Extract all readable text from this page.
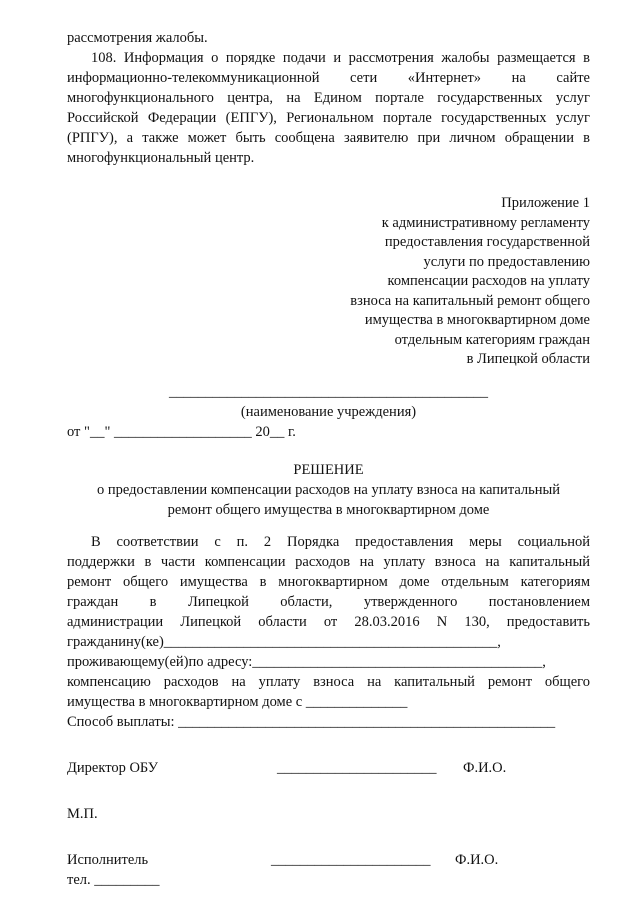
рассмотрения жалобы.
108. Информация о порядке подачи и рассмотрения жалобы размещается в
информационно-телекоммуникационной сети «Интернет» на сайте
многофункционального центра, на Едином портале государственных услуг
Российской Федерации (ЕПГУ), Региональном портале государственных услуг
(РПГУ), а также может быть сообщена заявителю при личном обращении в
многофункциональный центр.
Приложение 1
к административному регламенту
предоставления государственной
услуги по предоставлению
компенсации расходов на уплату
взноса на капитальный ремонт общего
имущества в многоквартирном доме
отдельным категориям граждан
в Липецкой области
____________________________________________
(наименование учреждения)
от "__" ___________________ 20__ г.
РЕШЕНИЕ
о предоставлении компенсации расходов на уплату взноса на капитальный
ремонт общего имущества в многоквартирном доме
В соответствии с п. 2 Порядка предоставления меры социальной
поддержки в части компенсации расходов на уплату взноса на капитальный
ремонт общего имущества в многоквартирном доме отдельным категориям
граждан в Липецкой области, утвержденного постановлением
администрации Липецкой области от 28.03.2016 N 130, предоставить
гражданину(ке)______________________________________________,
проживающему(ей)по адресу:________________________________________,
компенсацию расходов на уплату взноса на капитальный ремонт общего
имущества в многоквартирном доме с ______________
Способ выплаты: ____________________________________________________
Директор ОБУ	______________________ Ф.И.О.
М.П.
Исполнитель	______________________ Ф.И.О.
тел. _________
